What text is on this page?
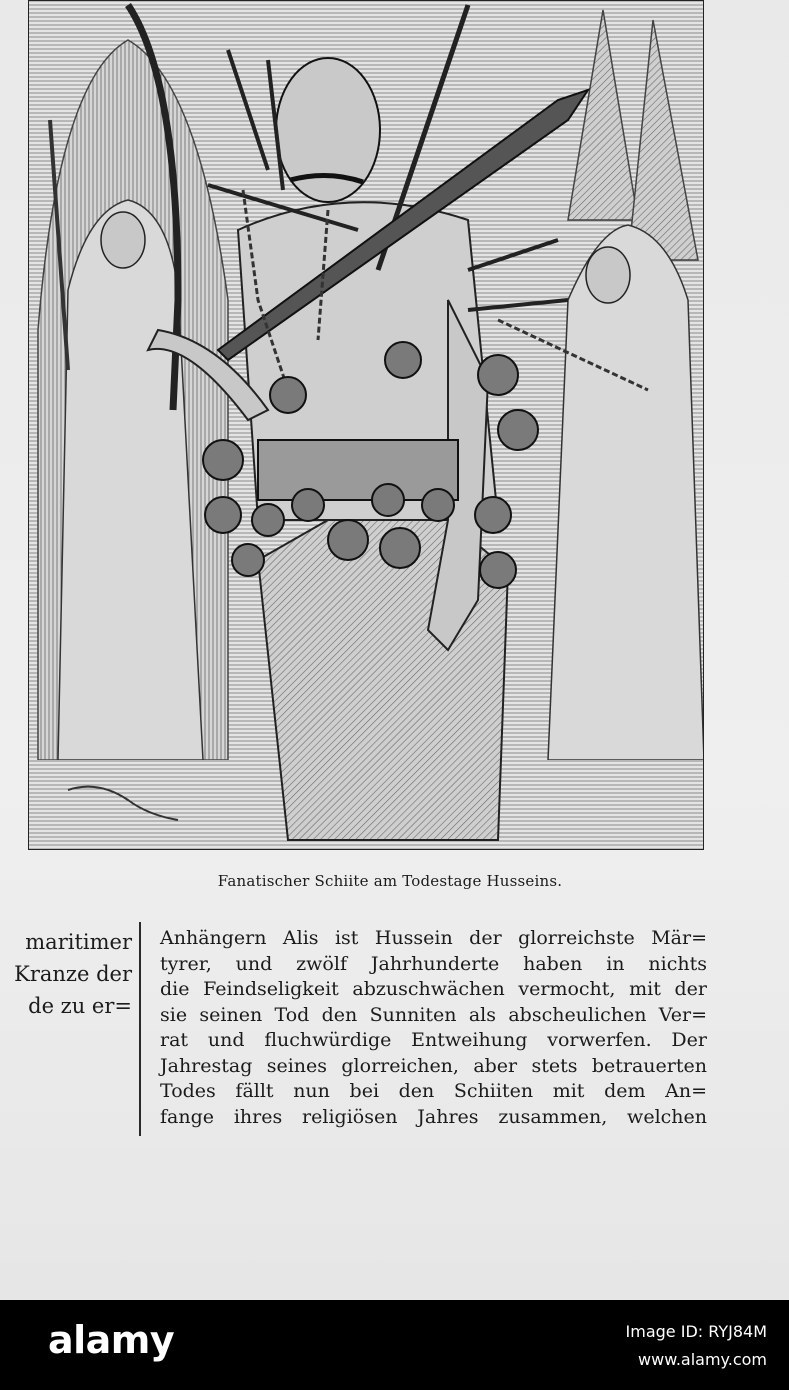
Fanatischer Schiite am Todestage Husseins.
maritimer
Kranze der
de zu er=
Anhängern Alis ist Hussein der glorreichste Mär=
tyrer, und zwölf Jahrhunderte haben in nichts
die Feindseligkeit abzuschwächen vermocht, mit der
sie seinen Tod den Sunniten als abscheulichen Ver=
rat und fluchwürdige Entweihung vorwerfen. Der
Jahrestag seines glorreichen, aber stets betrauerten
Todes fällt nun bei den Schiiten mit dem An=
fange ihres religiösen Jahres zusammen, welchen
alamy	Image ID: RYJ84M
www.alamy.com
